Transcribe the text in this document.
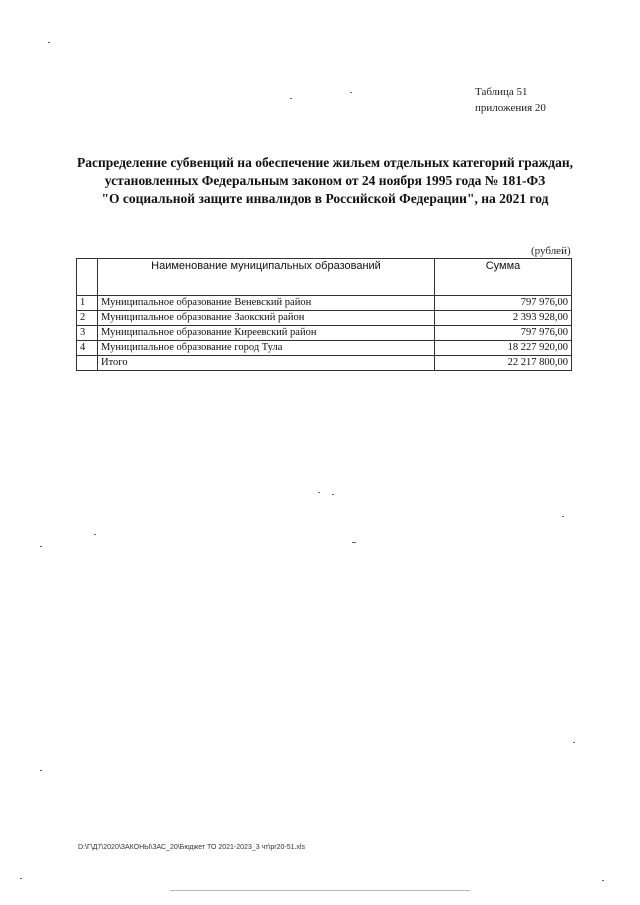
Таблица 51
приложения 20
Распределение субвенций на обеспечение жильем отдельных категорий граждан,
установленных Федеральным законом от 24 ноября 1995 года № 181-ФЗ
"О социальной защите инвалидов в Российской Федерации", на 2021 год
(рублей)
	Наименование муниципальных образований	Сумма
1	Муниципальное образование Веневский район	797 976,00
2	Муниципальное образование Заокский район	2 393 928,00
3	Муниципальное образование Киреевский район	797 976,00
4	Муниципальное образование город Тула	18 227 920,00
	Итого	22 217 800,00
D:\Г\Д7\2020\ЗАКОНЫ\ЗАС_20\Бюджет ТО 2021-2023_3 чт\pr20-51.xls
